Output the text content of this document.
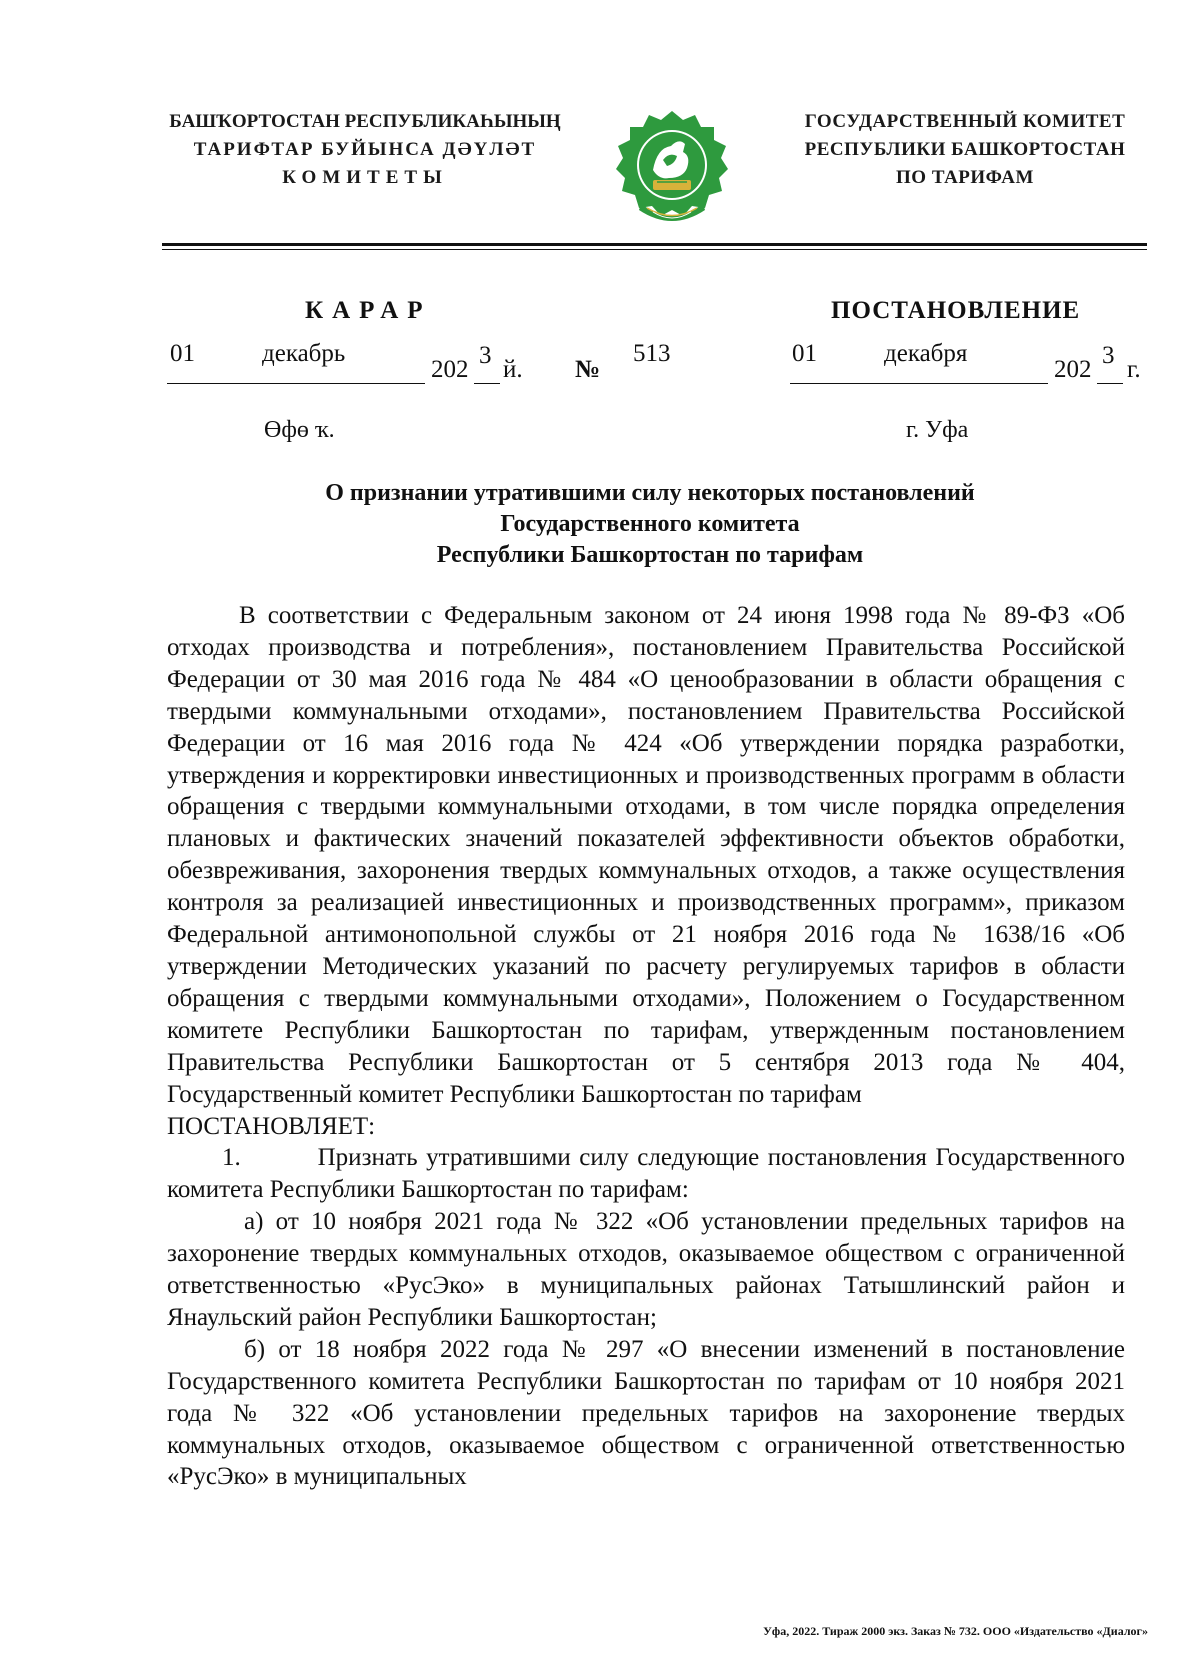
БАШҠОРТОСТАН РЕСПУБЛИКАҺЫНЫҢ
ТАРИФТАР БУЙЫНСА ДӘҮЛӘТ
КОМИТЕТЫ
ГОСУДАРСТВЕННЫЙ КОМИТЕТ
РЕСПУБЛИКИ БАШКОРТОСТАН
ПО ТАРИФАМ
КАРАР	ПОСТАНОВЛЕНИЕ
01	декабрь
202
3
й. №
513	01	декабря
202
3
г.
Өфө ҡ.	г. Уфа
О признании утратившими силу некоторых постановлений
Государственного комитета
Республики Башкортостан по тарифам

В соответствии с Федеральным законом от 24 июня 1998 года № 89-ФЗ «Об отходах производства и потребления», постановлением Правительства Российской Федерации от 30 мая 2016 года № 484 «О ценообразовании в области обращения с твердыми коммунальными отходами», постановлением Правительства Российской Федерации от 16 мая 2016 года № 424 «Об утверждении порядка разработки, утверждения и корректировки инвестиционных и производственных программ в области обращения с твердыми коммунальными отходами, в том числе порядка определения плановых и фактических значений показателей эффективности объектов обработки, обезвреживания, захоронения твердых коммунальных отходов, а также осуществления контроля за реализацией инвестиционных и производственных программ», приказом Федеральной антимонопольной службы от 21 ноября 2016 года № 1638/16 «Об утверждении Методических указаний по расчету регулируемых тарифов в области обращения с твердыми коммунальными отходами», Положением о Государственном комитете Республики Башкортостан по тарифам, утвержденным постановлением Правительства Республики Башкортостан от 5 сентября 2013 года № 404, Государственный комитет Республики Башкортостан по тарифам

ПОСТАНОВЛЯЕТ:

1.         Признать утратившими силу следующие постановления Государственного комитета Республики Башкортостан по тарифам:

а) от 10 ноября 2021 года № 322 «Об установлении предельных тарифов на захоронение твердых коммунальных отходов, оказываемое обществом с ограниченной ответственностью «РусЭко» в муниципальных районах Татышлинский район и Янаульский район Республики Башкортостан;

б) от 18 ноября 2022 года № 297 «О внесении изменений в постановление Государственного комитета Республики Башкортостан по тарифам от 10 ноября 2021 года № 322 «Об установлении предельных тарифов на захоронение твердых коммунальных отходов, оказываемое обществом с ограниченной ответственностью «РусЭко» в муниципальных

Уфа, 2022. Тираж 2000 экз. Заказ № 732. ООО «Издательство «Диалог»
